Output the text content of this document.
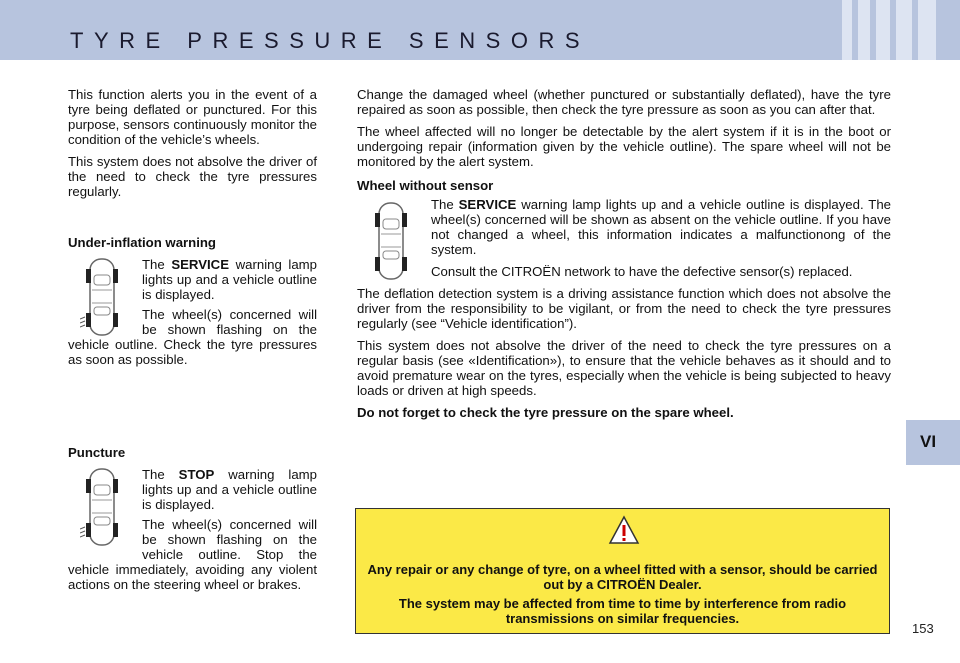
TYRE PRESSURE SENSORS
VI

This function alerts you in the event of a tyre being deflated or punctured. For this purpose, sensors continuously monitor the condition of the vehicle’s wheels.

This system does not absolve the driver of the need to check the tyre pressures regularly.

Under-inflation warning

The SERVICE warning lamp lights up and a vehicle outline is displayed.

The wheel(s) concerned will be shown flashing on the vehicle outline. Check the tyre pressures as soon as possible.

Puncture

The STOP warning lamp lights up and a vehicle outline is displayed.

The wheel(s) concerned will be shown flashing on the vehicle outline. Stop the vehicle immediately, avoiding any violent actions on the steering wheel or brakes.

Change the damaged wheel (whether punctured or substantially deflated), have the tyre repaired as soon as possible, then check the tyre pressure as soon as you can after that.

The wheel affected will no longer be detectable by the alert system if it is in the boot or undergoing repair (information given by the vehicle outline). The spare wheel will not be monitored by the alert system.

Wheel without sensor

The SERVICE warning lamp lights up and a vehicle outline is displayed. The wheel(s) concerned will be shown as absent on the vehicle outline. If you have not changed a wheel, this information indicates a malfunctionong of the system.

Consult the CITROËN network to have the defective sensor(s) replaced.

The deflation detection system is a driving assistance function which does not absolve the driver from the responsibility to be vigilant, or from the need to check the tyre pressures regularly (see “Vehicle identification”).

This system does not absolve the driver of the need to check the tyre pressures on a regular basis (see «Identification»), to ensure that the vehicle behaves as it should and to avoid premature wear on the tyres, especially when the vehicle is being subjected to heavy loads or driven at high speeds.

Do not forget to check the tyre pressure on the spare wheel.

Any repair or any change of tyre, on a wheel fitted with a sensor, should be carried out by a CITROËN Dealer.

The system may be affected from time to time by interference from radio transmissions on similar frequencies.

153
